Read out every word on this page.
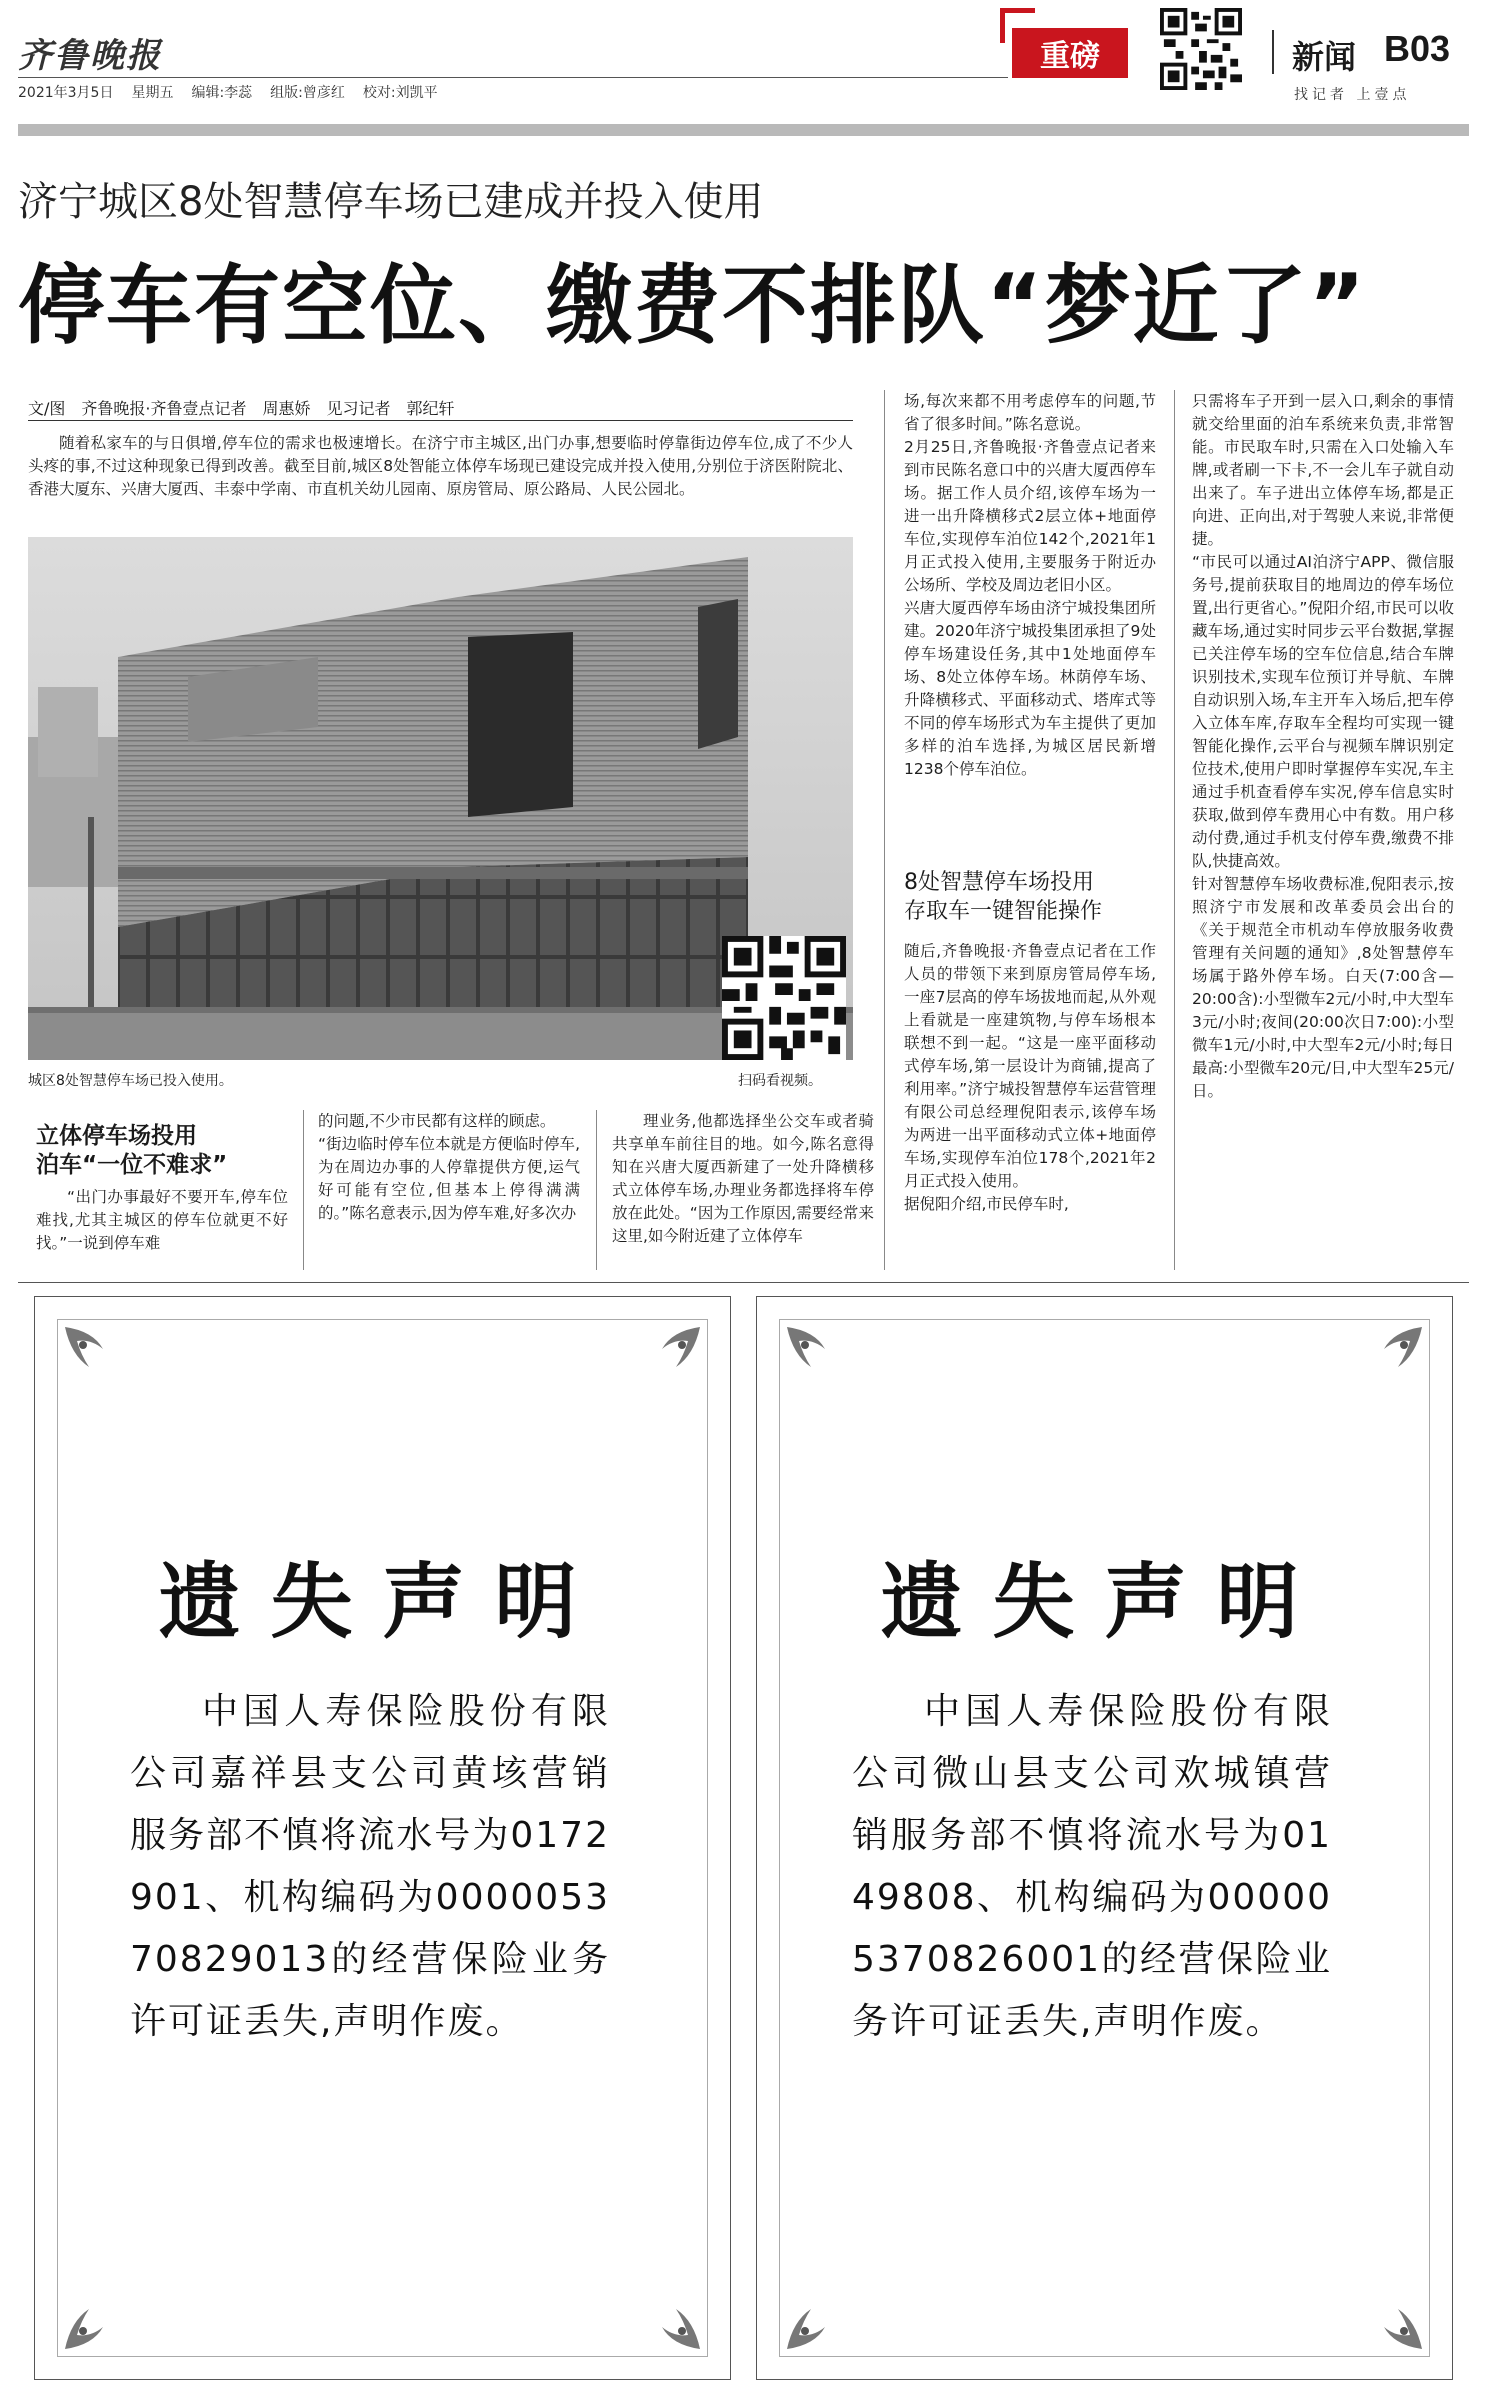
齐鲁晚报
2021年3月5日 星期五 编辑:李蕊 组版:曾彦红 校对:刘凯平
重磅	新闻 B03
找记者 上壹点
济宁城区8处智慧停车场已建成并投入使用
停车有空位、缴费不排队“梦近了”
文/图　齐鲁晚报·齐鲁壹点记者　周惠娇　见习记者　郭纪轩
随着私家车的与日俱增,停车位的需求也极速增长。在济宁市主城区,出门办事,想要临时停靠街边停车位,成了不少人头疼的事,不过这种现象已得到改善。截至目前,城区8处智能立体停车场现已建设完成并投入使用,分别位于济医附院北、香港大厦东、兴唐大厦西、丰泰中学南、市直机关幼儿园南、原房管局、原公路局、人民公园北。
城区8处智慧停车场已投入使用。	扫码看视频。
立体停车场投用
泊车“一位不难求”
“出门办事最好不要开车,停车位难找,尤其主城区的停车位就更不好找。”一说到停车难
的问题,不少市民都有这样的顾虑。
“街边临时停车位本就是方便临时停车,为在周边办事的人停靠提供方便,运气好可能有空位,但基本上停得满满的。”陈名意表示,因为停车难,好多次办
理业务,他都选择坐公交车或者骑共享单车前往目的地。如今,陈名意得知在兴唐大厦西新建了一处升降横移式立体停车场,办理业务都选择将车停放在此处。“因为工作原因,需要经常来这里,如今附近建了立体停车
场,每次来都不用考虑停车的问题,节省了很多时间。”陈名意说。
2月25日,齐鲁晚报·齐鲁壹点记者来到市民陈名意口中的兴唐大厦西停车场。据工作人员介绍,该停车场为一进一出升降横移式2层立体+地面停车位,实现停车泊位142个,2021年1月正式投入使用,主要服务于附近办公场所、学校及周边老旧小区。
兴唐大厦西停车场由济宁城投集团所建。2020年济宁城投集团承担了9处停车场建设任务,其中1处地面停车场、8处立体停车场。林荫停车场、升降横移式、平面移动式、塔库式等不同的停车场形式为车主提供了更加多样的泊车选择,为城区居民新增1238个停车泊位。
8处智慧停车场投用
存取车一键智能操作
随后,齐鲁晚报·齐鲁壹点记者在工作人员的带领下来到原房管局停车场,一座7层高的停车场拔地而起,从外观上看就是一座建筑物,与停车场根本联想不到一起。“这是一座平面移动式停车场,第一层设计为商铺,提高了利用率。”济宁城投智慧停车运营管理有限公司总经理倪阳表示,该停车场为两进一出平面移动式立体+地面停车场,实现停车泊位178个,2021年2月正式投入使用。
据倪阳介绍,市民停车时,
只需将车子开到一层入口,剩余的事情就交给里面的泊车系统来负责,非常智能。市民取车时,只需在入口处输入车牌,或者刷一下卡,不一会儿车子就自动出来了。车子进出立体停车场,都是正向进、正向出,对于驾驶人来说,非常便捷。
“市民可以通过AI泊济宁APP、微信服务号,提前获取目的地周边的停车场位置,出行更省心。”倪阳介绍,市民可以收藏车场,通过实时同步云平台数据,掌握已关注停车场的空车位信息,结合车牌识别技术,实现车位预订并导航、车牌自动识别入场,车主开车入场后,把车停入立体车库,存取车全程均可实现一键智能化操作,云平台与视频车牌识别定位技术,使用户即时掌握停车实况,车主通过手机查看停车实况,停车信息实时获取,做到停车费用心中有数。用户移动付费,通过手机支付停车费,缴费不排队,快捷高效。
针对智慧停车场收费标准,倪阳表示,按照济宁市发展和改革委员会出台的《关于规范全市机动车停放服务收费管理有关问题的通知》,8处智慧停车场属于路外停车场。白天(7:00含—20:00含):小型微车2元/小时,中大型车3元/小时;夜间(20:00次日7:00):小型微车1元/小时,中大型车2元/小时;每日最高:小型微车20元/日,中大型车25元/日。
遗失声明
中国人寿保险股份有限公司嘉祥县支公司黄垓营销服务部不慎将流水号为0172901、机构编码为000005370829013的经营保险业务许可证丢失,声明作废。
遗失声明
中国人寿保险股份有限公司微山县支公司欢城镇营销服务部不慎将流水号为0149808、机构编码为000005370826001的经营保险业务许可证丢失,声明作废。
